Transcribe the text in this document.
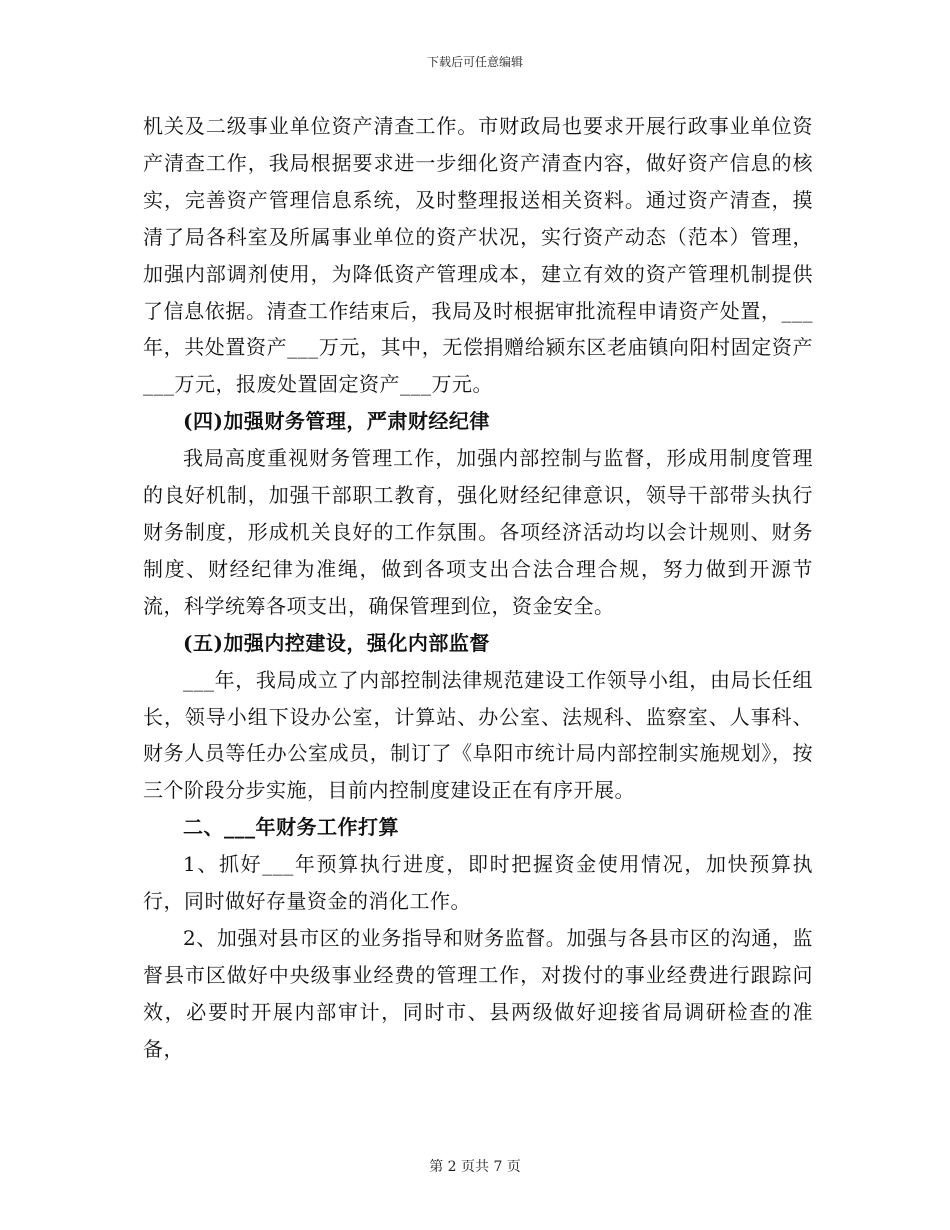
下载后可任意编辑

机关及二级事业单位资产清查工作。市财政局也要求开展行政事业单位资产清查工作，我局根据要求进一步细化资产清查内容，做好资产信息的核实，完善资产管理信息系统，及时整理报送相关资料。通过资产清查，摸清了局各科室及所属事业单位的资产状况，实行资产动态（范本）管理，加强内部调剂使用，为降低资产管理成本，建立有效的资产管理机制提供了信息依据。清查工作结束后，我局及时根据审批流程申请资产处置，___年，共处置资产___万元，其中，无偿捐赠给颍东区老庙镇向阳村固定资产___万元，报废处置固定资产___万元。

(四)加强财务管理，严肃财经纪律

我局高度重视财务管理工作，加强内部控制与监督，形成用制度管理的良好机制，加强干部职工教育，强化财经纪律意识，领导干部带头执行财务制度，形成机关良好的工作氛围。各项经济活动均以会计规则、财务制度、财经纪律为准绳，做到各项支出合法合理合规，努力做到开源节流，科学统筹各项支出，确保管理到位，资金安全。

(五)加强内控建设，强化内部监督

___年，我局成立了内部控制法律规范建设工作领导小组，由局长任组长，领导小组下设办公室，计算站、办公室、法规科、监察室、人事科、财务人员等任办公室成员，制订了《阜阳市统计局内部控制实施规划》，按三个阶段分步实施，目前内控制度建设正在有序开展。

二、___年财务工作打算

1、抓好___年预算执行进度，即时把握资金使用情况，加快预算执行，同时做好存量资金的消化工作。

2、加强对县市区的业务指导和财务监督。加强与各县市区的沟通，监督县市区做好中央级事业经费的管理工作，对拨付的事业经费进行跟踪问效，必要时开展内部审计，同时市、县两级做好迎接省局调研检查的准备，

第 2 页共 7 页
